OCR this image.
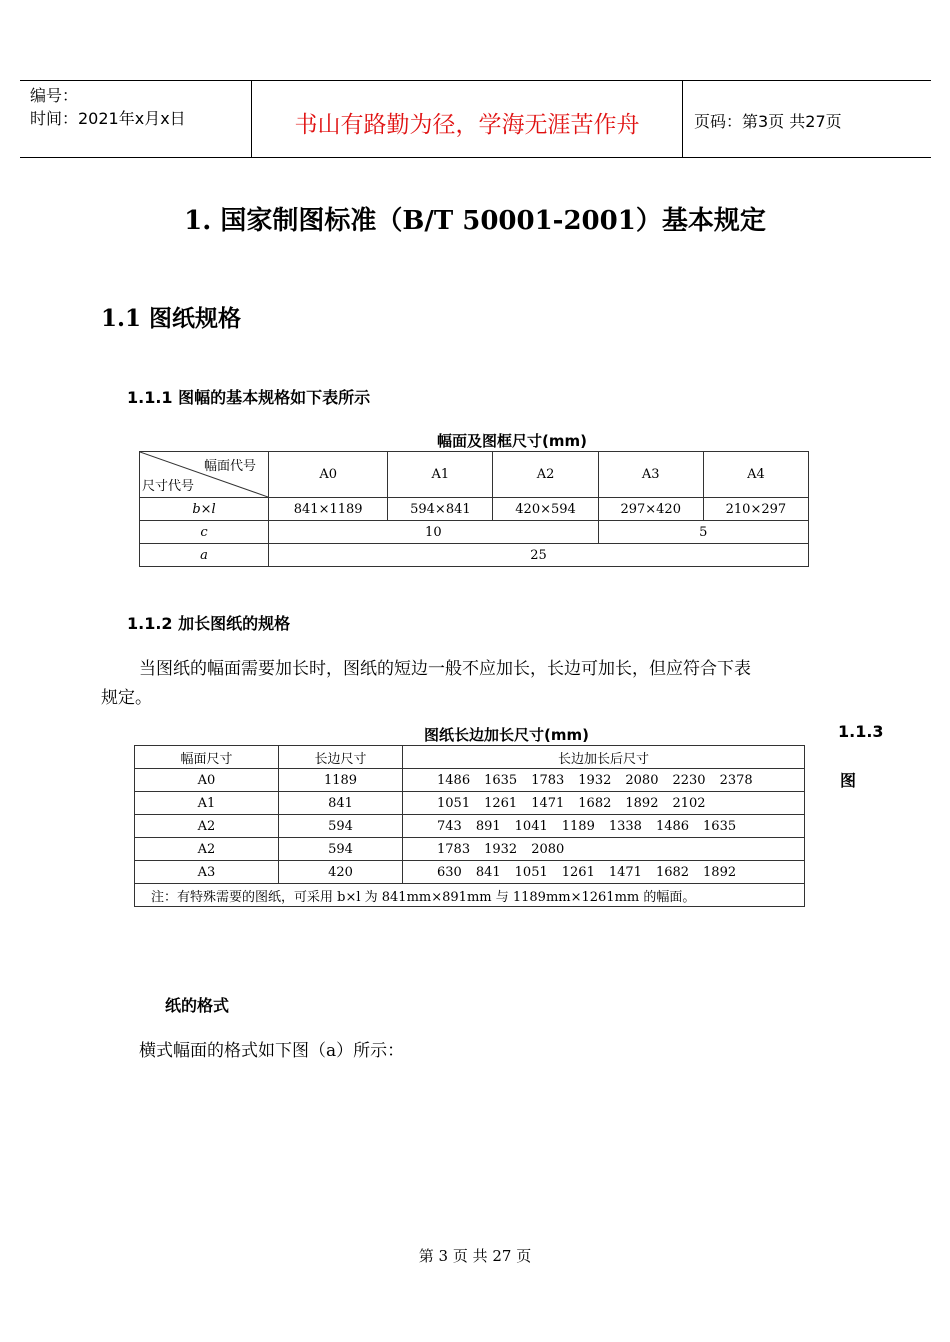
编号：
时间：2021年x月x日	书山有路勤为径，学海无涯苦作舟	页码：第3页 共27页
1. 国家制图标准（B/T 50001-2001）基本规定
1.1 图纸规格
1.1.1 图幅的基本规格如下表所示
幅面及图框尺寸(mm)
幅面代号
尺寸代号	A0	A1	A2	A3	A4
b×l	841×1189	594×841	420×594	297×420	210×297
c	10			5	
a	25				
1.1.2 加长图纸的规格
当图纸的幅面需要加长时，图纸的短边一般不应加长，长边可加长，但应符合下表
规定。
图纸长边加长尺寸(mm)	1.1.3
图
幅面尺寸	长边尺寸	长边加长后尺寸
A0	1189	1486 1635 1783 1932 2080 2230 2378
A1	841	1051 1261 1471 1682 1892 2102
A2	594	743 891 1041 1189 1338 1486 1635
A2	594	1783 1932 2080
A3	420	630 841 1051 1261 1471 1682 1892
注：有特殊需要的图纸，可采用 b×l 为 841mm×891mm 与 1189mm×1261mm 的幅面。		
纸的格式
横式幅面的格式如下图（a）所示：
第 3 页 共 27 页
